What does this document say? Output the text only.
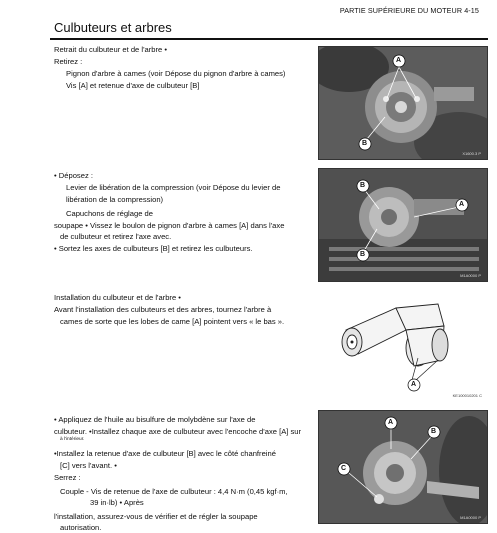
PARTIE SUPÉRIEURE DU MOTEUR 4-15
Culbuteurs et arbres
Retrait du culbuteur et de l'arbre •
Retirez :
Pignon d'arbre à cames (voir Dépose du pignon d'arbre à cames)
Vis [A] et retenue d'axe de culbuteur [B]
A
B
X1600.3 P
• Déposez :
Levier de libération de la compression (voir Dépose du levier de
libération de la compression)
Capuchons de réglage de
soupape • Vissez le boulon de pignon d'arbre à cames [A] dans l'axe
de culbuteur et retirez l'axe avec.
• Sortez les axes de culbuteurs [B] et retirez les culbuteurs.
B
A
B
M1A0000 P
Installation du culbuteur et de l'arbre •
Avant l'installation des culbuteurs et des arbres, tournez l'arbre à
cames de sorte que les lobes de came [A] pointent vers « le bas ».
A
KE100010201 C
• Appliquez de l'huile au bisulfure de molybdène sur l'axe de
culbuteur. •Installez chaque axe de culbuteur avec l'encoche d'axe [A] sur
à l'intérieur.
•Installez la retenue d'axe de culbuteur [B] avec le côté chanfreiné
[C] vers l'avant. •
Serrez :
Couple - Vis de retenue de l'axe de culbuteur : 4,4 N·m (0,45 kgf·m,
39 in·lb) • Après
l'installation, assurez-vous de vérifier et de régler la soupape
autorisation.
A
B
C
M1A0000 P
